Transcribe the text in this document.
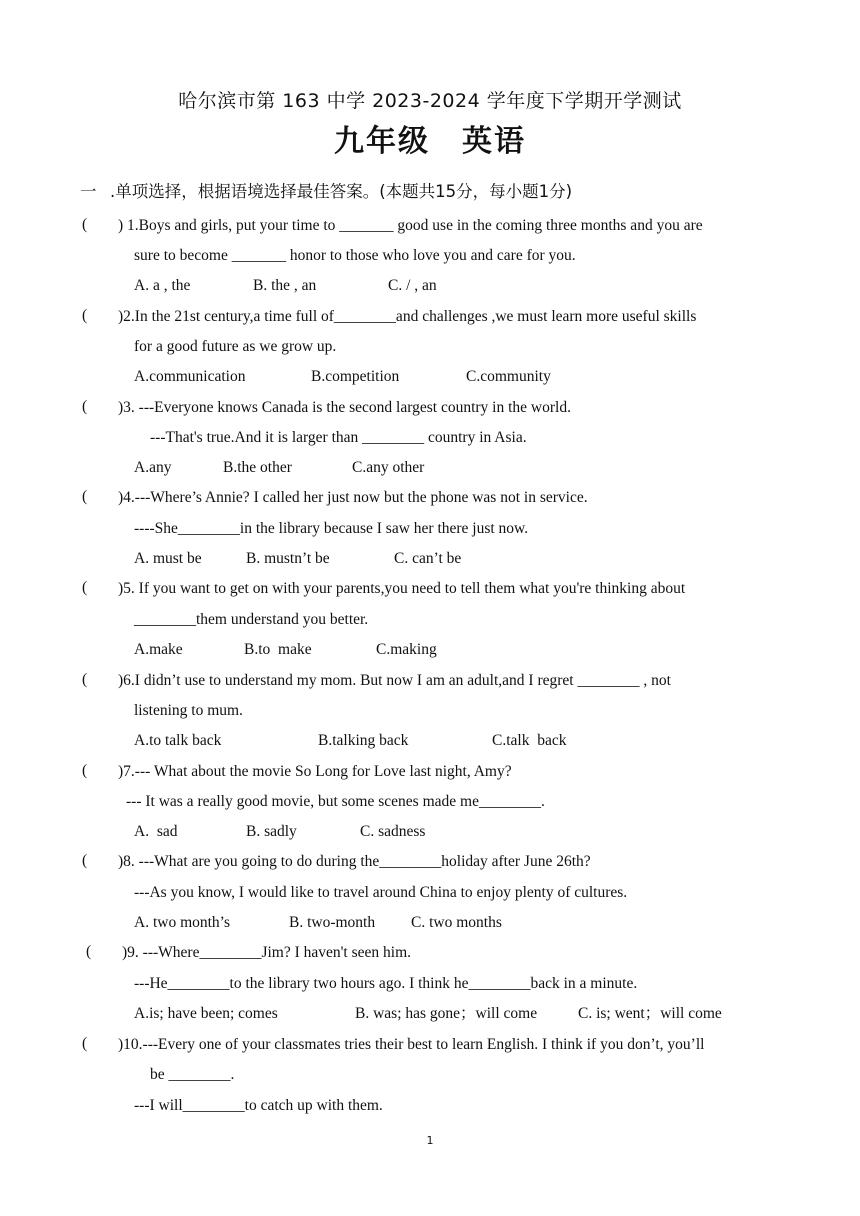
哈尔滨市第 163 中学 2023-2024 学年度下学期开学测试
九年级　英语
一 .单项选择，根据语境选择最佳答案。(本题共15分，每小题1分)
( ) 1.Boys and girls, put your time to _______ good use in the coming three months and you are
sure to become _______ honor to those who love you and care for you.
A. a , the	B. the , an	C. / , an
( )2.In the 21st century,a time full of________and challenges ,we must learn more useful skills
for a good future as we grow up.
A.communication	B.competition	C.community
( )3. ---Everyone knows Canada is the second largest country in the world.
---That's true.And it is larger than ________ country in Asia.
A.any	B.the other	C.any other
( )4.---Where’s Annie? I called her just now but the phone was not in service.
----She________in the library because I saw her there just now.
A. must be	B. mustn’t be	C. can’t be
( )5. If you want to get on with your parents,you need to tell them what you're thinking about
________them understand you better.
A.make	B.to  make	C.making
( )6.I didn’t use to understand my mom. But now I am an adult,and I regret ________ , not
listening to mum.
A.to talk back	B.talking back	C.talk  back
( )7.--- What about the movie So Long for Love last night, Amy?
--- It was a really good movie, but some scenes made me________.
A.  sad	B. sadly	C. sadness
( )8. ---What are you going to do during the________holiday after June 26th?
---As you know, I would like to travel around China to enjoy plenty of cultures.
A. two month’s	B. two-month C. two months
( )9. ---Where________Jim? I haven't seen him.
---He________to the library two hours ago. I think he________back in a minute.
A.is; have been; comes	B. was; has gone；will come	C. is; went；will come
( )10.---Every one of your classmates tries their best to learn English. I think if you don’t, you’ll
be ________.
---I will________to catch up with them.
1
